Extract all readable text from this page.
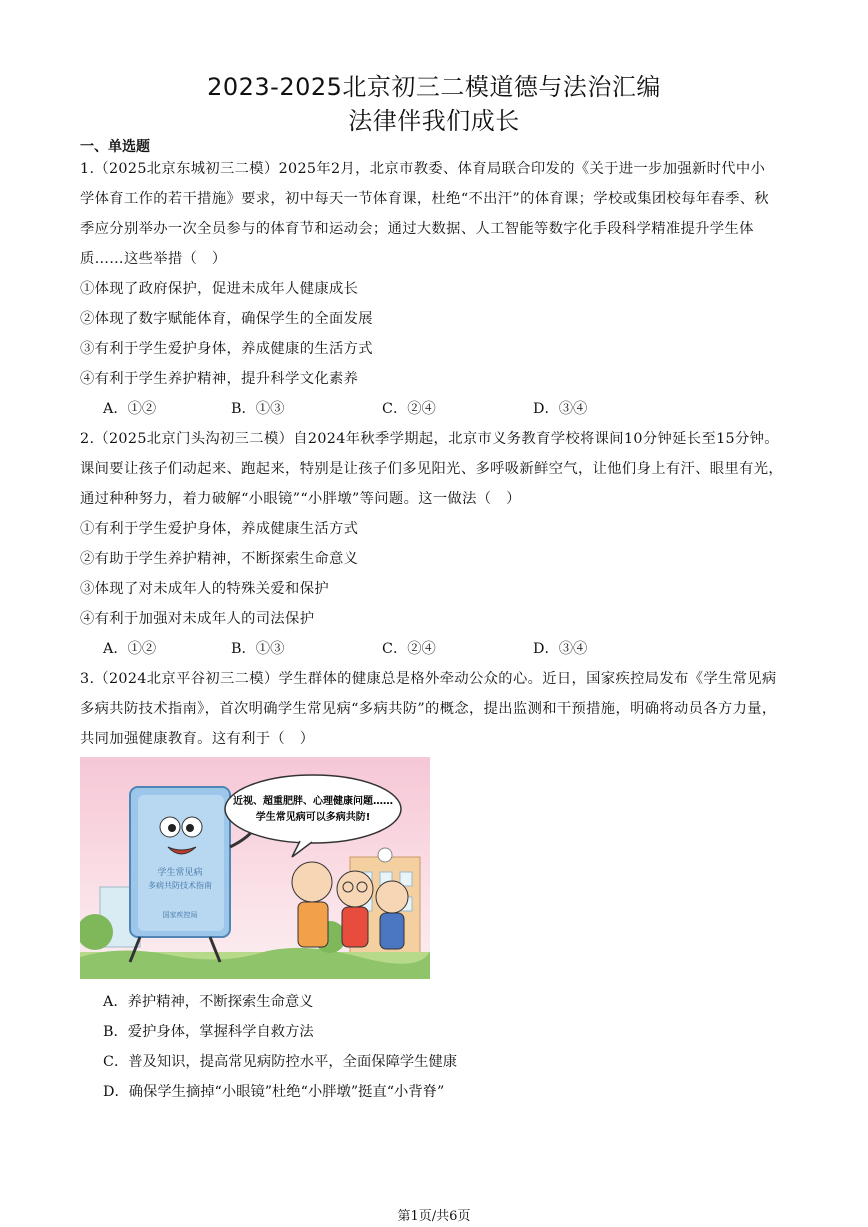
2023-2025北京初三二模道德与法治汇编
法律伴我们成长
一、单选题
1.（2025北京东城初三二模）2025年2月，北京市教委、体育局联合印发的《关于进一步加强新时代中小
学体育工作的若干措施》要求，初中每天一节体育课，杜绝“不出汗”的体育课；学校或集团校每年春季、秋
季应分别举办一次全员参与的体育节和运动会；通过大数据、人工智能等数字化手段科学精准提升学生体
质……这些举措（　）
①体现了政府保护，促进未成年人健康成长
②体现了数字赋能体育，确保学生的全面发展
③有利于学生爱护身体，养成健康的生活方式
④有利于学生养护精神，提升科学文化素养
A．①②	B．①③	C．②④	D．③④
2.（2025北京门头沟初三二模）自2024年秋季学期起，北京市义务教育学校将课间10分钟延长至15分钟。
课间要让孩子们动起来、跑起来，特别是让孩子们多见阳光、多呼吸新鲜空气，让他们身上有汗、眼里有光，
通过种种努力，着力破解“小眼镜”“小胖墩”等问题。这一做法（　）
①有利于学生爱护身体，养成健康生活方式
②有助于学生养护精神，不断探索生命意义
③体现了对未成年人的特殊关爱和保护
④有利于加强对未成年人的司法保护
A．①②	B．①③	C．②④	D．③④
3.（2024北京平谷初三二模）学生群体的健康总是格外牵动公众的心。近日，国家疾控局发布《学生常见病
多病共防技术指南》，首次明确学生常见病“多病共防”的概念，提出监测和干预措施，明确将动员各方力量，
共同加强健康教育。这有利于（　）
学生常见病
多病共防技术指南
国家疾控局
近视、超重肥胖、心理健康问题……
学生常见病可以多病共防!
A．养护精神，不断探索生命意义
B．爱护身体，掌握科学自救方法
C．普及知识，提高常见病防控水平，全面保障学生健康
D．确保学生摘掉“小眼镜”杜绝“小胖墩”挺直“小背脊”
第1页/共6页
